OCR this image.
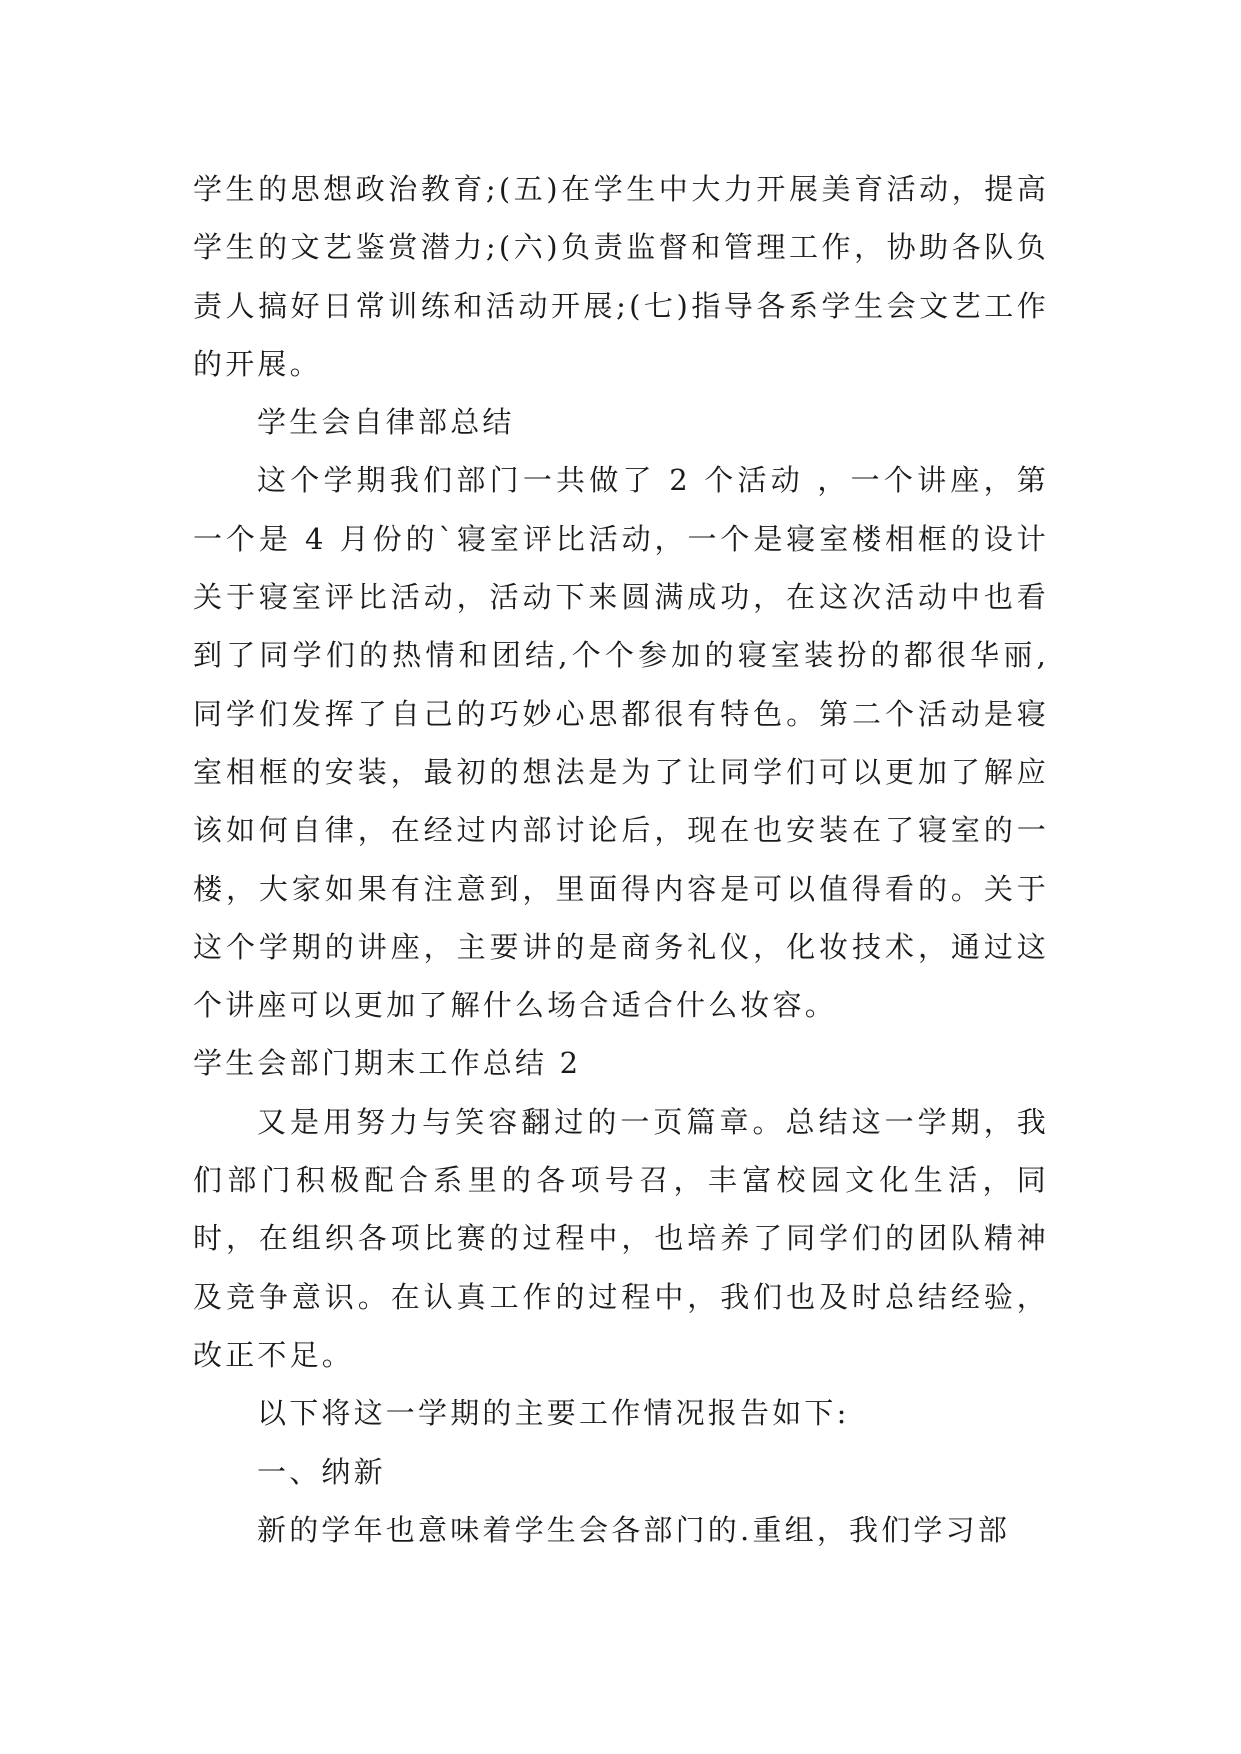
学生的思想政治教育;(五)在学生中大力开展美育活动，提高学生的文艺鉴赏潜力;(六)负责监督和管理工作，协助各队负责人搞好日常训练和活动开展;(七)指导各系学生会文艺工作的开展。

学生会自律部总结

这个学期我们部门一共做了 2 个活动 ，一个讲座，第一个是 4 月份的`寝室评比活动，一个是寝室楼相框的设计关于寝室评比活动，活动下来圆满成功，在这次活动中也看到了同学们的热情和团结,个个参加的寝室装扮的都很华丽,同学们发挥了自己的巧妙心思都很有特色。第二个活动是寝室相框的安装，最初的想法是为了让同学们可以更加了解应该如何自律，在经过内部讨论后，现在也安装在了寝室的一楼，大家如果有注意到，里面得内容是可以值得看的。关于这个学期的讲座，主要讲的是商务礼仪，化妆技术，通过这个讲座可以更加了解什么场合适合什么妆容。

学生会部门期末工作总结 2

又是用努力与笑容翻过的一页篇章。总结这一学期，我们部门积极配合系里的各项号召，丰富校园文化生活，同时，在组织各项比赛的过程中，也培养了同学们的团队精神及竞争意识。在认真工作的过程中，我们也及时总结经验，改正不足。

以下将这一学期的主要工作情况报告如下:

一、纳新

新的学年也意味着学生会各部门的.重组，我们学习部
